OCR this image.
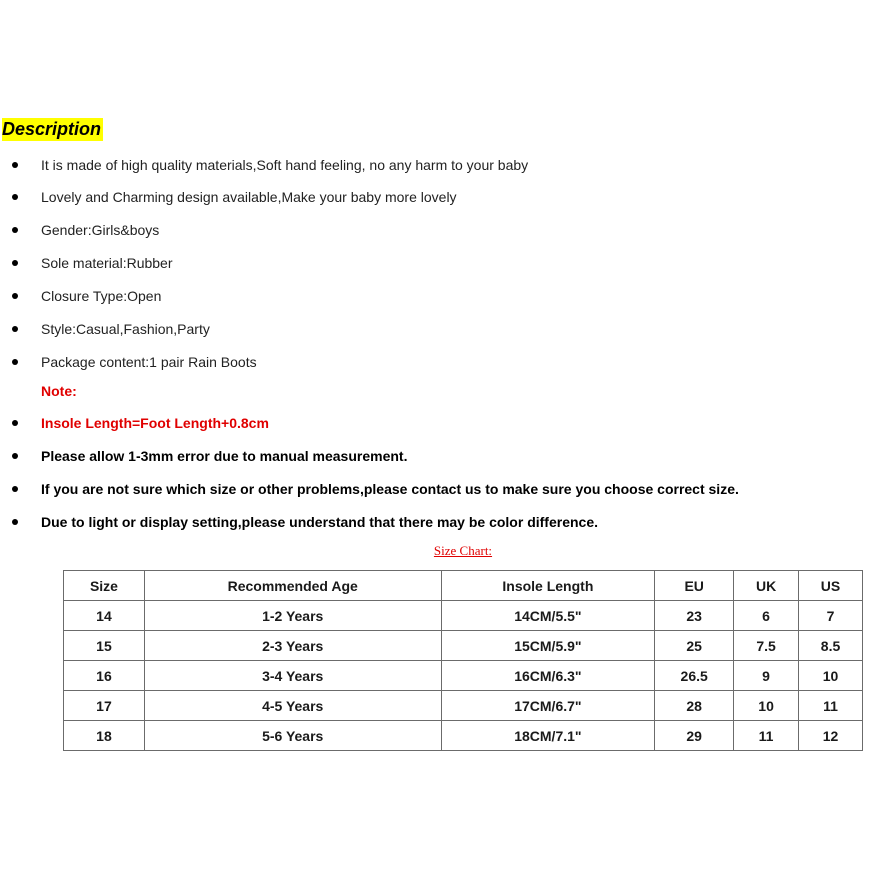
Description
It is made of high quality materials,Soft hand feeling, no any harm to your baby
Lovely and Charming design available,Make your baby more lovely
Gender:Girls&boys
Sole material:Rubber
Closure Type:Open
Style:Casual,Fashion,Party
Package content:1 pair Rain Boots
Note:
Insole Length=Foot Length+0.8cm
Please allow 1-3mm error due to manual measurement.
If you are not sure which size or other problems,please contact us to make sure you choose correct size.
Due to light or display setting,please understand that there may be color difference.
Size Chart:
Size	Recommended Age	Insole Length	EU	UK	US
14	1-2 Years	14CM/5.5"	23	6	7
15	2-3 Years	15CM/5.9"	25	7.5	8.5
16	3-4 Years	16CM/6.3"	26.5	9	10
17	4-5 Years	17CM/6.7"	28	10	11
18	5-6 Years	18CM/7.1"	29	11	12
